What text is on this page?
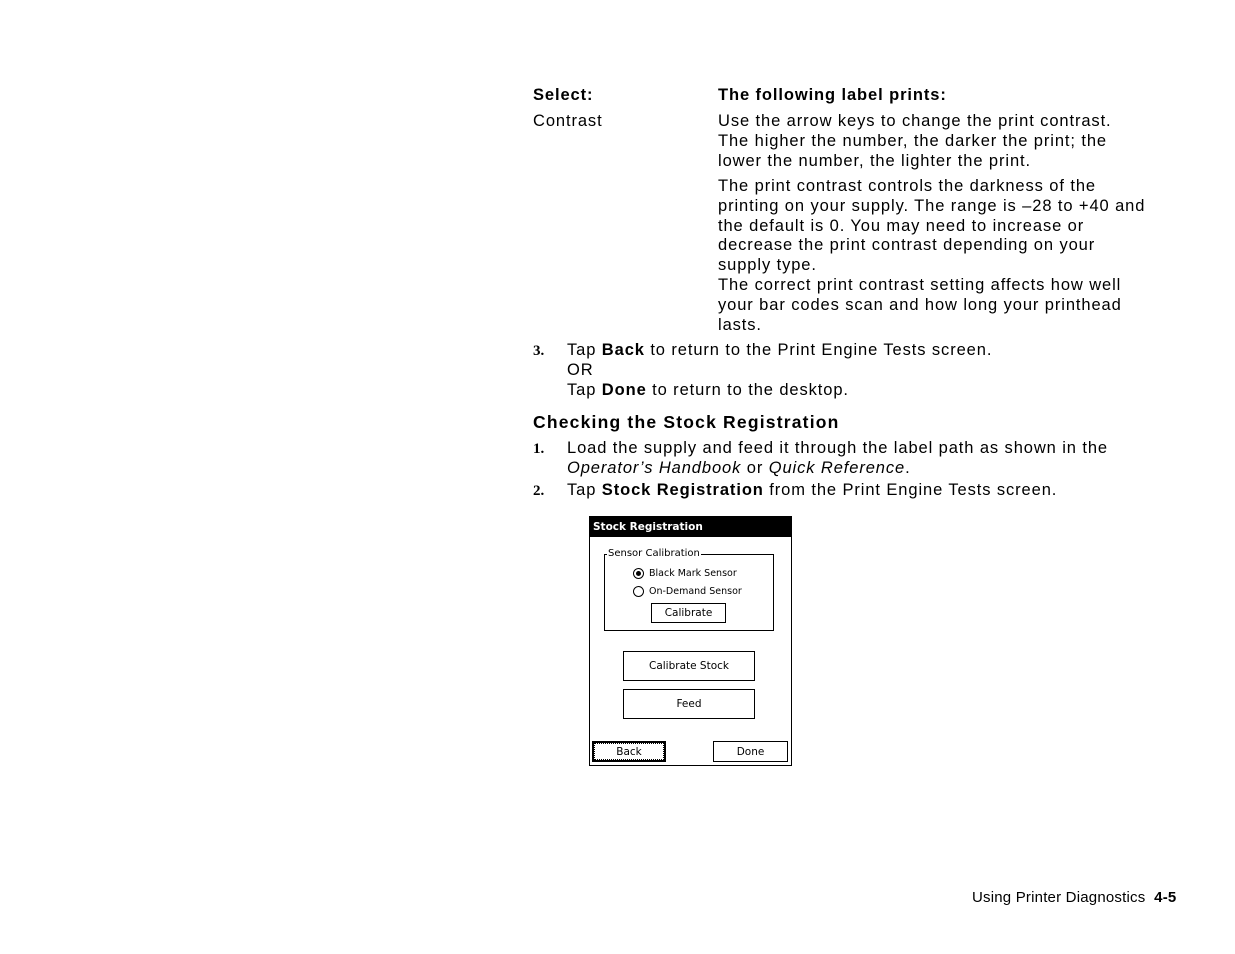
Select:	The following label prints:
Contrast	Use the arrow keys to change the print contrast.
The higher the number, the darker the print; the
lower the number, the lighter the print.
The print contrast controls the darkness of the
printing on your supply. The range is –28 to +40 and
the default is 0. You may need to increase or
decrease the print contrast depending on your
supply type.
The correct print contrast setting affects how well
your bar codes scan and how long your printhead
lasts.
3. Tap Back to return to the Print Engine Tests screen.
OR
Tap Done to return to the desktop.
Checking the Stock Registration
1. Load the supply and feed it through the label path as shown in the
Operator’s Handbook or Quick Reference.
2. Tap Stock Registration from the Print Engine Tests screen.
Stock Registration
Sensor Calibration
Black Mark Sensor
On-Demand Sensor
Calibrate
Calibrate Stock
Feed
Back	Done
Using Printer Diagnostics 4-5
